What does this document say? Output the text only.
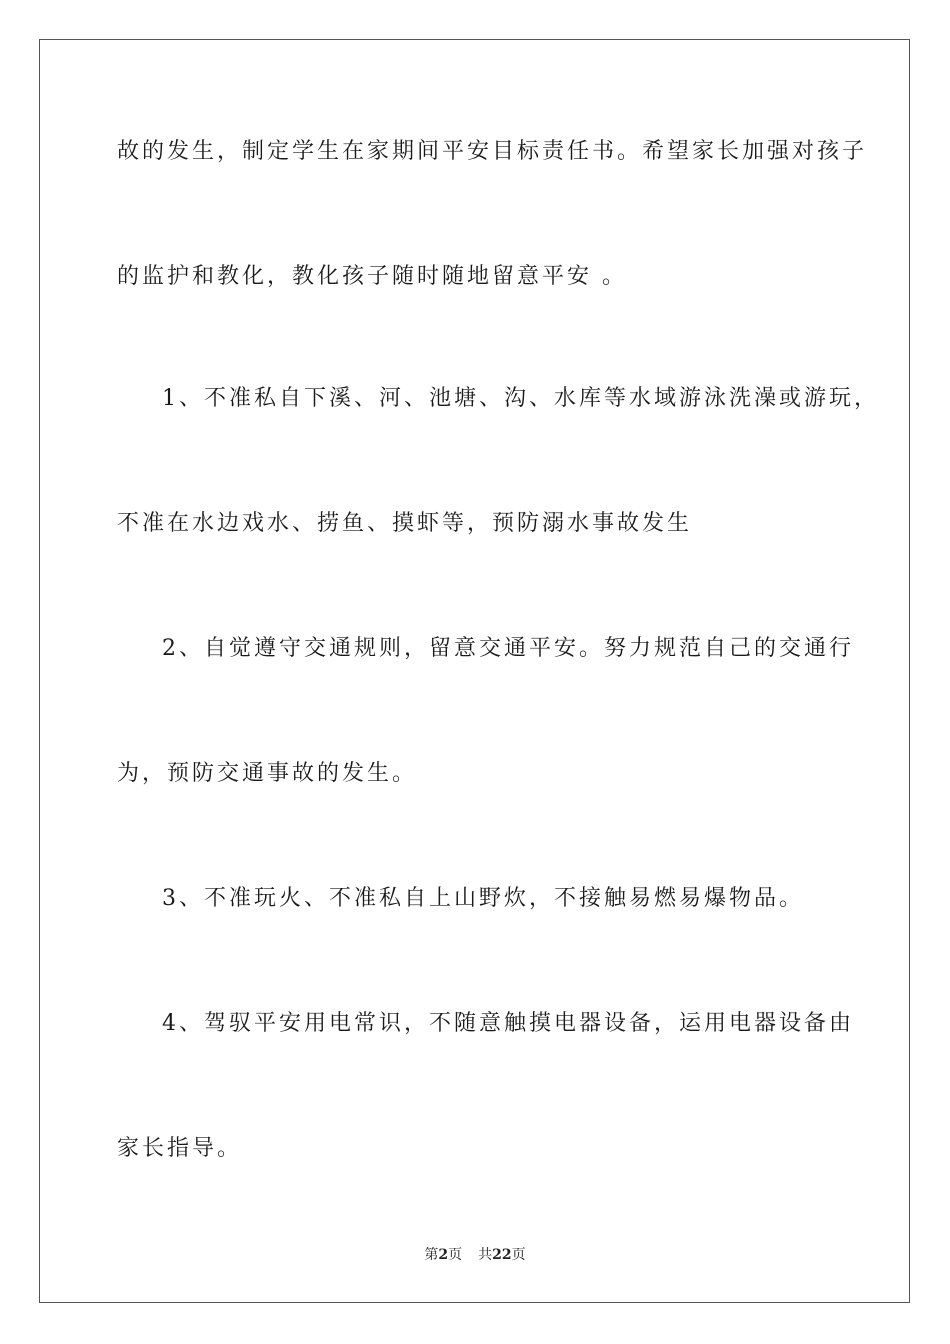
故的发生，制定学生在家期间平安目标责任书。希望家长加强对孩子
的监护和教化，教化孩子随时随地留意平安 。
1、不准私自下溪、河、池塘、沟、水库等水域游泳洗澡或游玩，
不准在水边戏水、捞鱼、摸虾等，预防溺水事故发生
2、自觉遵守交通规则，留意交通平安。努力规范自己的交通行
为，预防交通事故的发生。
3、不准玩火、不准私自上山野炊，不接触易燃易爆物品。
4、驾驭平安用电常识，不随意触摸电器设备，运用电器设备由
家长指导。
第2页 共22页
